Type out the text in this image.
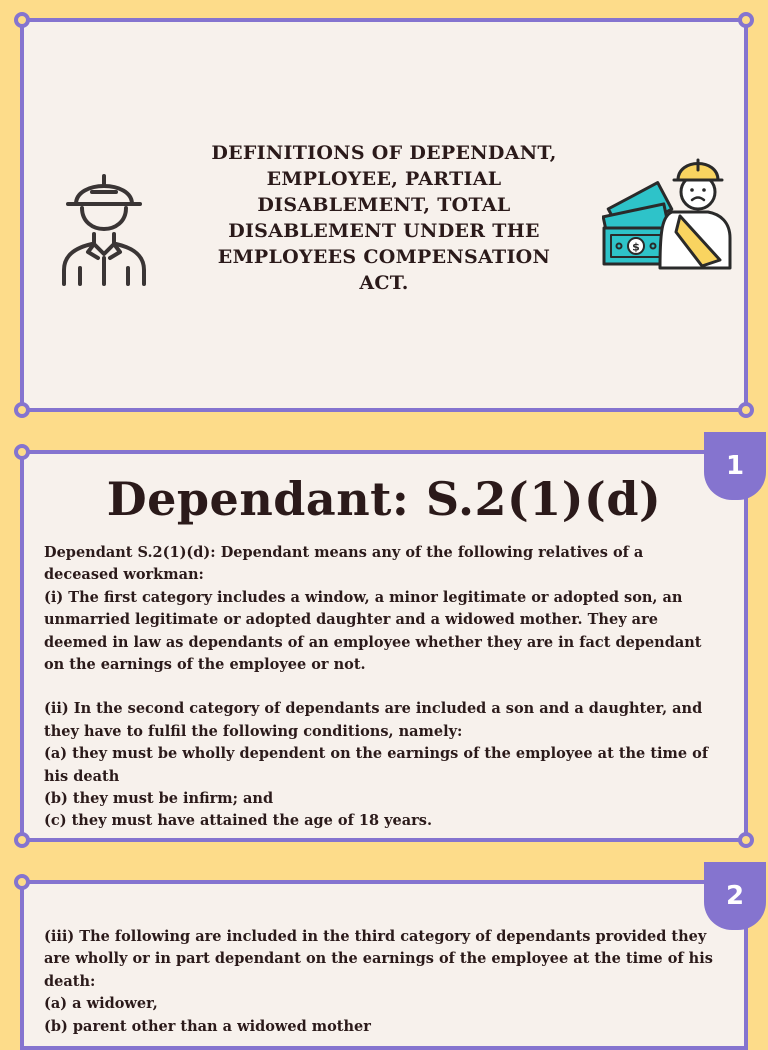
DEFINITIONS OF DEPENDANT, EMPLOYEE, PARTIAL DISABLEMENT, TOTAL DISABLEMENT UNDER THE EMPLOYEES COMPENSATION ACT.
$
Dependant: S.2(1)(d)

Dependant S.2(1)(d): Dependant means any of the following relatives of a deceased workman:

(i) The first category includes a window, a minor legitimate or adopted son, an unmarried legitimate or adopted daughter and a widowed mother. They are deemed in law as dependants of an employee whether they are in fact dependant on the earnings of the employee or not.

(ii) In the second category of dependants are included a son and a daughter, and they have to fulfil the following conditions, namely:

(a) they must be wholly dependent on the earnings of the employee at the time of his death

(b) they must be infirm; and

(c) they must have attained the age of 18 years.

1

(iii) The following are included in the third category of dependants provided they are wholly or in part dependant on the earnings of the employee at the time of his death:

(a) a widower,

(b) parent other than a widowed mother

2
